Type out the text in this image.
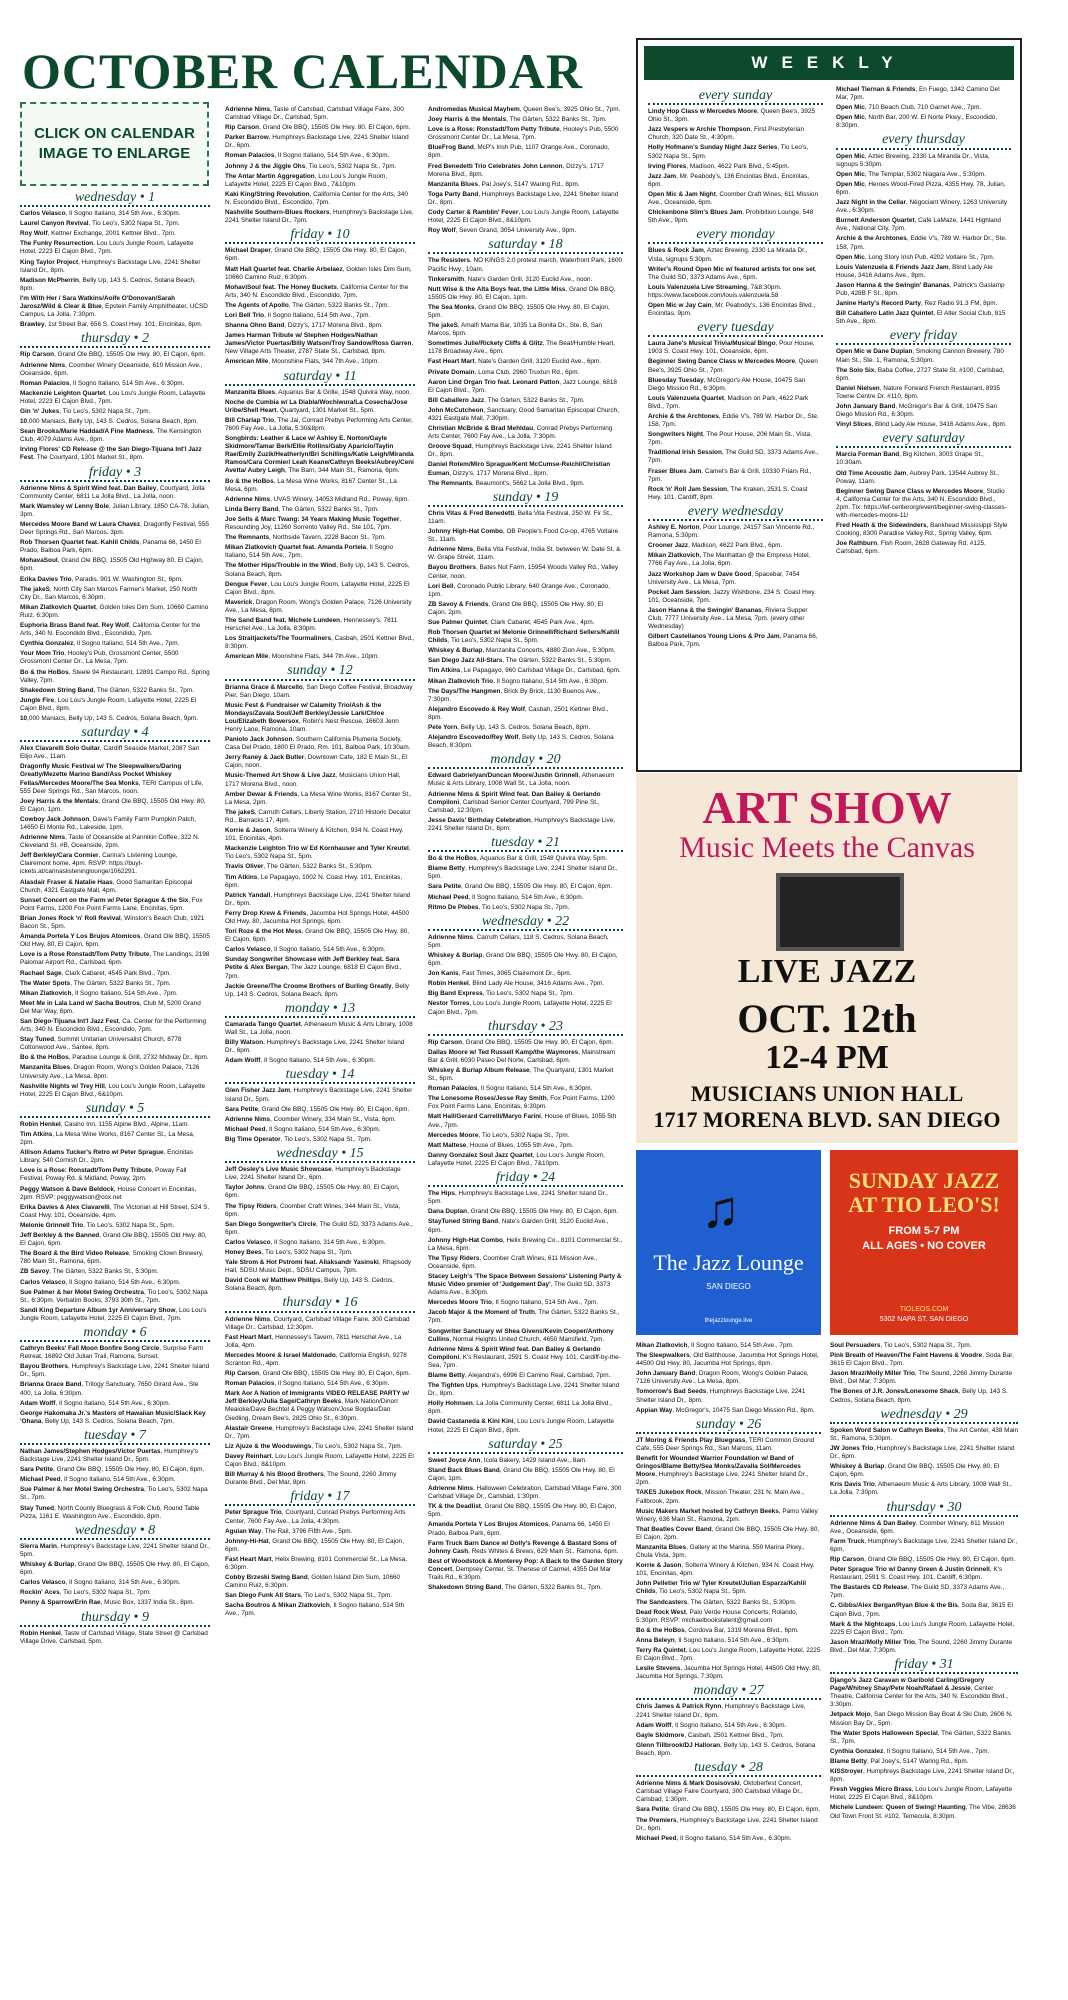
OCTOBER CALENDAR
CLICK ON CALENDAR IMAGE TO ENLARGE
WEEKLY
every sunday
Lindy Hop Class w Mercedes Moore, Queen Bee's, 3925 Ohio St., 3pm.
Jazz Vespers w Archie Thompson, First Presbyterian Church, 320 Date St., 4:30pm.
Holly Hofmann's Sunday Night Jazz Series, Tio Leo's, 5302 Napa St., 5pm.
Irving Flores, Madison, 4622 Park Blvd., 5:45pm.
Jazz Jam, Mr. Peabody's, 136 Encinitas Blvd., Encinitas, 6pm.
Open Mic & Jam Night, Coomber Craft Wines, 611 Mission Ave., Oceanside, 6pm.
Chickenbone Slim's Blues Jam, Prohibition Lounge, 548 5th Ave., 9pm.
every monday
Blues & Rock Jam, Aztec Brewing, 2330 La Mirada Dr., Vista, signups 5:30pm.
Writer's Round Open Mic w/ featured artists for one set, The Guild SD, 3373 Adams Ave., 6pm.
Louis Valenzuela Live Streaming, 7&8:30pm. https://www.facebook.com/louis.valenzuela.58
Open Mic w Jay Cain, Mr. Peabody's, 136 Encinitas Blvd., Encinitas, 9pm.
every tuesday
Laura Jane's Musical Trivia/Musical Bingo, Pour House, 1903 S. Coast Hwy. 101, Oceanside, 6pm.
Beginner Swing Dance Class w Mercedes Moore, Queen Bee's, 3925 Ohio St., 7pm.
Bluesday Tuesday, McGregor's Ale House, 10475 San Diego Mission Rd., 6:30pm.
Louis Valenzuela Quartet, Madison on Park, 4622 Park Blvd., 7pm.
Archie & the Archtones, Eddie V's, 789 W. Harbor Dr., Ste. 158, 7pm.
Songwriters Night, The Pour House, 206 Main St., Vista, 7pm.
Traditional Irish Session, The Guild SD, 3373 Adams Ave., 7pm.
Fraser Blues Jam, Camel's Bar & Grill, 10330 Friars Rd., 7pm.
Rock 'n' Roll Jam Session, The Kraken, 2531 S. Coast Hwy. 101, Cardiff, 8pm.
every wednesday
Ashley E. Norton, Pour Lounge, 24157 San Vincente Rd., Ramona, 5:30pm.
Crooner Jazz, Madison, 4622 Park Blvd., 6pm.
Mikan Zlatkovich, The Manhattan @ the Empress Hotel, 7766 Fay Ave., La Jolla, 6pm.
Jazz Workshop Jam w Dave Good, Spacebar, 7454 University Ave., La Mesa, 7pm.
Pocket Jam Session, Jazzy Wishbone, 234 S. Coast Hwy. 101, Oceanside, 7pm.
Jason Hanna & the Swingin' Bananas, Riviera Supper Club, 7777 University Ave., La Mesa, 7pm. (every other Wednesday)
Gilbert Castellanos Young Lions & Pro Jam, Panama 66, Balboa Park, 7pm.
Michael Tiernan & Friends, En Fuego, 1342 Camino Del Mar, 7pm.
Open Mic, 710 Beach Club, 710 Garnet Ave., 7pm.
Open Mic, North Bar, 200 W. El Norte Pkwy., Escondido, 8:30pm.
every thursday
Open Mic, Aztec Brewing, 2330 La Miranda Dr., Vista, signups 5:30pm.
Open Mic, The Templar, 5302 Niagara Ave., 5:30pm.
Open Mic, Heroes Wood-Fired Pizza, 4355 Hwy. 78, Julian, 6pm.
Jazz Night in the Cellar, Négociant Winery, 1263 University Ave., 6:30pm.
Burnett Anderson Quartet, Cafe LaMaze, 1441 Highland Ave., National City, 7pm.
Archie & the Archtones, Eddie V's, 789 W. Harbor Dr., Ste. 158, 7pm.
Open Mic, Long Story Irish Pub, 4202 Voltaire St., 7pm.
Louis Valenzuela & Friends Jazz Jam, Blind Lady Ale House, 3416 Adams Ave., 8pm.
Jason Hanna & the Swingin' Bananas, Patrick's Gaslamp Pub, 428B F St., 8pm.
Janine Harty's Record Party, Rez Radio 91.3 FM, 8pm.
Bill Caballero Latin Jazz Quintet, El Alter Social Club, 815 5th Ave., 8pm.
every friday
Open Mic w Dane Duplan, Smoking Cannon Brewery, 780 Main St., Ste. 1, Ramona, 5:30pm.
The Solo Six, Baba Coffee, 2727 State St. #100, Carlsbad, 6pm.
Daniel Nielsen, Nature Forward French Restaurant, 8935 Towne Centre Dr. #110, 6pm.
John January Band, McGregor's Bar & Grill, 10475 San Diego Mission Rd., 6:30pm.
Vinyl Slices, Blind Lady Ale House, 3416 Adams Ave., 8pm.
every saturday
Marcia Forman Band, Big Kitchen, 3003 Grape St., 10:30am.
Old Time Acoustic Jam, Aubrey Park, 13544 Aubrey St., Poway, 11am.
Beginner Swing Dance Class w Mercedes Moore, Studio 4, California Center for the Arts, 340 N. Escondido Blvd., 2pm. Tix: https://lef-centerorg/event/beginner-swing-classes-with-mercedes-moore-11/
Fred Heath & the Sidewinders, Bankhead Mississippi Style Cooking, 8300 Paradise Valley Rd., Spring Valley, 6pm.
Joe Rathburn, Fish Room, 2628 Gateway Rd. #125, Carlsbad, 6pm.
wednesday • 1
Carlos Velasco, Il Sogno Italiano, 314 5th Ave., 6:30pm.
Laurel Canyon Revival, Tio Leo's, 5302 Napa St., 7pm.
Roy Wolf, Kettner Exchange, 2001 Kettner Blvd., 7pm.
The Funky Resurrection, Lou Lou's Jungle Room, Lafayette Hotel, 2223 El Cajon Blvd., 7pm.
King Taylor Project, Humphrey's Backstage Live, 2241 Shelter Island Dr., 8pm.
Madison McPherrin, Belly Up, 143 S. Cedros, Solana Beach, 8pm.
I'm With Her / Sara Watkins/Aoife O'Donovan/Sarah Jarosz/Wild & Clear & Blue, Epstein Family Amphitheater, UCSD Campus, La Jolla, 7:30pm.
Brawley, 1st Street Bar, 656 S. Coast Hwy. 101, Encinitas, 8pm.
thursday • 2
Rip Carson, Grand Ole BBQ, 15505 Ole Hwy. 80, El Cajon, 6pm.
Adrienne Nims, Coomber Winery Oceanside, 610 Mission Ave., Oceanside, 6pm.
Roman Palacios, Il Sogno Italiano, 514 5th Ave., 6:30pm.
Mackenzie Leighton Quartet, Lou Lou's Jungle Room, Lafayette Hotel, 2223 El Cajon Blvd., 7pm.
Gin 'n' Jukes, Tio Leo's, 5302 Napa St., 7pm.
10,000 Maniacs, Belly Up, 143 S. Cedros, Solana Beach, 8pm.
Sean Brooks/Marie Haddad/A Fine Madness, The Kensington Club, 4079 Adams Ave., 8pm.
Irving Flores' CD Release @ the San Diego-Tijuana Int'l Jazz Fest, The Courtyard, 1301 Market St., 8pm.
friday • 3
Adrienne Nims & Spirit Wind feat. Dan Bailey, Courtyard, Jolla Community Center, 6811 La Jolla Blvd., La Jolla, noon.
Mark Wamsley w/ Lenny Bole, Julian Library, 1850 CA-78, Julian, 3pm.
Mercedes Moore Band w/ Laura Chavez, Dragonfly Festival, 555 Deer Springs Rd., San Marcos, 3pm.
Rob Thorsen Quartet feat. Kahlil Childs, Panama 66, 1450 El Prado, Balboa Park, 6pm.
MohavaSoul, Grand Ole BBQ, 15505 Old Highway 80, El Cajon, 6pm.
Erika Davies Trio, Paradis, 901 W. Washington St., 6pm.
The jakeS, North City San Marcos Farmer's Market, 250 North City Dr., San Marcos, 6:30pm.
Mikan Zlatkovich Quartet, Golden Isles Dim Sum, 10660 Camino Ruiz, 6:30pm.
Euphoria Brass Band feat. Rey Wolf, California Center for the Arts, 340 N. Escondido Blvd., Escondido, 7pm.
Cynthia Gonzalez, Il Sogno Italiano, 514 5th Ave., 7pm.
Your Mom Trio, Hooley's Pub, Grossmont Center, 5500 Grossmont Center Dr., La Mesa, 7pm.
Bo & the HoBos, Steele 94 Restaurant, 12891 Campo Rd., Spring Valley, 7pm.
Shakedown String Band, The Gärten, 5322 Banks St., 7pm.
Jungle Fire, Lou Lou's Jungle Room, Lafayette Hotel, 2225 El Cajon Blvd., 8pm.
10,000 Maniacs, Belly Up, 143 S. Cedros, Solana Beach, 9pm.
saturday • 4
Alex Ciavarelli Solo Guitar, Cardiff Seaside Market, 2087 San Elijo Ave., 11am.
Dragonfly Music Festival w/ The Sleepwalkers/Daring Greatly/Mezette Marino Band/Ass Pocket Whiskey Fellas/Mercedes Moore/The Sea Monks, TERI Campus of Life, 555 Deer Springs Rd., San Marcos, noon.
Joey Harris & the Mentals, Grand Ole BBQ, 15505 Old Hwy. 80, El Cajon, 1pm.
Cowboy Jack Johnson, Dave's Family Farm Pumpkin Patch, 14650 El Monte Rd., Lakeside, 1pm.
Adrienne Nims, Taste of Oceanside at Pannikin Coffee, 322 N. Cleveland St. #B, Oceanside, 2pm.
Jeff Berkley/Cara Cormier, Carina's Listening Lounge, Clairemont home, 4pm. RSVP: https://buyt-ickets.at/carinaslisteninglounge/1062291.
Alasdair Fraser & Natalie Haas, Good Samaritan Episcopal Church, 4321 Eastgate Mall, 4pm.
Sunset Concert on the Farm w/ Peter Sprague & the Six, Fox Point Farms, 1200 Fox Point Farms Lane, Encinitas, 5pm.
Brian Jones Rock 'n' Roll Revival, Winston's Beach Club, 1921 Bacon St., 5pm.
Amanda Portela Y Los Brujos Atomicos, Grand Ole BBQ, 15505 Old Hwy. 80, El Cajon, 6pm.
Love is a Rose Ronstadt/Tom Petty Tribute, The Landings, 2198 Palomar Airport Rd., Carlsbad, 6pm.
Rachael Sage, Clark Cabaret, 4545 Park Blvd., 7pm.
The Water Spots, The Gärten, 5322 Banks St., 7pm.
Mikan Zlatkovich, Il Sogno Italiano, 514 5th Ave., 7pm.
Meet Me in Lala Land w/ Sacha Boutros, Club M, 5200 Grand Del Mar Way, 8pm.
San Diego-Tijuana Int'l Jazz Fest, Ca. Center for the Performing Arts, 340 N. Escondido Blvd., Escondido, 7pm.
Stay Tuned, Summit Unitarian Universalist Church, 8778 Cottonwood Ave., Santee, 8pm.
Bo & the HoBos, Paradise Lounge & Grill, 2732 Midway Dr., 8pm.
Manzanita Blues, Dragon Room, Wong's Golden Palace, 7126 University Ave., La Mesa, 8pm.
Nashville Nights w/ Trey Hill, Lou Lou's Jungle Room, Lafayette Hotel, 2225 El Cajon Blvd., 6&10pm.
sunday • 5
Robin Henkel, Casino Inn, 1155 Alpine Blvd., Alpine, 11am.
Tim Atkins, La Mesa Wine Works, 8167 Center St., La Mesa, 2pm.
Allison Adams Tucker's Retro w/ Peter Sprague, Encinitas Library, 540 Cornish Dr., 2pm.
Love is a Rose: Ronstadt/Tom Petty Tribute, Poway Fall Festival, Poway Rd. & Midland, Poway, 2pm.
Peggy Watson & Dave Beldock, House Concert in Encinitas, 2pm. RSVP: peggywatson@cox.net
Erika Davies & Alex Ciavarelli, The Victorian at Hill Street, 524 S. Coast Hwy. 101, Oceanside, 4pm.
Melonie Grinnell Trio, Tio Leo's, 5302 Napa St., 5pm.
Jeff Berkley & the Banned, Grand Ole BBQ, 15505 Old Hwy. 80, El Cajon, 6pm.
The Board & the Bird Video Release, Smoking Clown Brewery, 780 Main St., Ramona, 6pm.
ZB Savoy, The Gärten, 5322 Banks St., 5:30pm.
Carlos Velasco, Il Sogno Italiano, 514 5th Ave., 6:30pm.
Sue Palmer & her Motel Swing Orchestra, Tio Leo's, 5302 Napa St., 6:30pm. Verbatim Books, 3793 30th St., 7pm.
Sandi King Departure Album 1yr Anniversary Show, Lou Lou's Jungle Room, Lafayette Hotel, 2225 El Cajon Blvd., 7pm.
monday • 6
Cathryn Beeks' Fall Moon Bonfire Song Circle, Surprise Farm Retreat, 16892 Old Julian Trail, Ramona, Sunset.
Bayou Brothers, Humphrey's Backstage Live, 2241 Shelter Island Dr., 5pm.
Brianna Grace Band, Trilogy Sanctuary, 7650 Girard Ave., Ste 400, La Jolla, 6:30pm.
Adam Wolff, Il Sogno Italiano, 514 5th Ave., 6:30pm.
George Hakomaka Jr.'s Masters of Hawaiian Music/Slack Key 'Ohana, Belly Up, 143 S. Cedros, Solana Beach, 7pm.
tuesday • 7
Nathan James/Stephen Hodges/Victor Puertas, Humphrey's Backstage Live, 2241 Shelter Island Dr., 5pm.
Sara Petite, Grand Ole BBQ, 15505 Ole Hwy. 80, El Cajon, 6pm.
Michael Peed, Il Sogno Italiano, 514 5th Ave., 6:30pm.
Sue Palmer & her Motel Swing Orchestra, Tio Leo's, 5302 Napa St., 7pm.
Stay Tuned, North County Bluegrass & Folk Club, Round Table Pizza, 1161 E. Washington Ave., Escondido, 8pm.
wednesday • 8
Sierra Marin, Humphrey's Backstage Live, 2241 Shelter Island Dr., 5pm.
Whiskey & Burlap, Grand Ole BBQ, 15505 Ole Hwy. 80, El Cajon, 6pm.
Carlos Velasco, Il Sogno Italiano, 314 5th Ave., 6:30pm.
Rockin' Aces, Tio Leo's, 5302 Napa St., 7pm.
Penny & Sparrow/Erin Rae, Music Box, 1337 India St., 8pm.
thursday • 9
Robin Henkel, Taste of Carlsbad Village, State Street @ Carlsbad Village Drive, Carlsbad, 5pm.
Adrienne Nims, Taste of Carlsbad, Carlsbad Village Faire, 300 Carlsbad Village Dr., Carlsbad, 5pm.
Rip Carson, Grand Ole BBQ, 15505 Ole Hwy. 80, El Cajon, 6pm.
Parker Barrow, Humphreys Backstage Live, 2241 Shelter Island Dr., 6pm.
Roman Palacios, Il Sogno Italiano, 514 5th Ave., 6:30pm.
Johnny J & the Jiggle Ohs, Tio Leo's, 5302 Napa St., 7pm.
The Antar Martin Aggregation, Lou Lou's Jungle Room, Lafayette Hotel, 2225 El Cajon Blvd., 7&10pm.
Kaki King/String Revolution, California Center for the Arts, 340 N. Escondido Blvd., Escondido, 7pm.
Nashville Southern-Blues Rockers, Humphrey's Backstage Live, 2241 Shelter Island Dr., 7pm.
friday • 10
Michael Draper, Grand Ole BBQ, 15505 Ole Hwy. 80, El Cajon, 6pm.
Matt Hall Quartet feat. Charlie Arbelaez, Golden Isles Dim Sum, 10660 Camino Ruiz, 6:30pm.
MohaviSoul feat. The Honey Buckets, California Center for the Arts, 340 N. Escondido Blvd., Escondido, 7pm.
The Agents of Apollo, The Gärten, 5322 Banks St., 7pm.
Lori Bell Trio, Il Sogno Italiano, 514 5th Ave., 7pm.
Shanna Ohno Band, Dizzy's, 1717 Morena Blvd., 8pm.
James Harman Tribute w/ Stephen Hodges/Nathan James/Victor Puertas/Billy Watson/Troy Sandow/Ross Garren, New Village Arts Theater, 2787 State St., Carlsbad, 8pm.
American Mile, Moonshine Flats, 344 7th Ave., 10pm.
saturday • 11
Manzanita Blues, Aquarius Bar & Grille, 1548 Quivira Way, noon.
Noche de Cumbia w/ La Diabla/Wochiwura/La Cosecha/Jose Uribe/Shell Heart, Quartyard, 1301 Market St., 5pm.
Bill Charlap Trio, The Jai, Conrad Prebys Performing Arts Center, 7600 Fay Ave., La Jolla, 5:30&8pm.
Songbirds: Leather & Lace w/ Ashley E. Norton/Gayle Skidmore/Tamar Berk/Ellie Rollins/Gaby Aparicio/Taylin Rae/Emily Zuzik/Heatherlyn/Bri Schillings/Katie Leigh/Miranda Ramos/Cara Cormier/ Leah Keane/Cathryn Beeks/Aubrey/Ceni Avetta/ Aubry Leigh, The Barn, 344 Main St., Ramona, 6pm.
Bo & the HoBos, La Mesa Wine Works, 8167 Center St., La Mesa, 6pm.
Adrienne Nims, UVAS Winery, 14053 Midland Rd., Poway, 6pm.
Linda Berry Band, The Gärten, 5322 Banks St., 7pm.
Joe Sells & Marc Twang: 34 Years Making Music Together, Resounding Joy, 11260 Sorrento Valley Rd., Ste 101, 7pm.
The Remnants, Northside Tavern, 2228 Bacon St., 7pm.
Mikan Zlatkovich Quartet feat. Amanda Portela, Il Sogno Italiano, 514 5th Ave., 7pm.
The Mother Hips/Trouble in the Wind, Belly Up, 143 S. Cedros, Solana Beach, 8pm.
Dengue Fever, Lou Lou's Jungle Room, Lafayette Hotel, 2225 El Cajon Blvd., 8pm.
Maverick, Dragon Room, Wong's Golden Palace, 7126 University Ave., La Mesa, 8pm.
The Sand Band feat. Michele Lundeen, Hennessey's, 7811 Herschel Ave., La Jolla, 8:30pm.
Los Straitjackets/The Tourmaliners, Casbah, 2501 Kettner Blvd., 8:30pm.
American Mile, Moonshine Flats, 344 7th Ave., 10pm.
sunday • 12
Brianna Grace & Marcello, San Diego Coffee Festival, Broadway Pier, San Diego, 10am.
Music Fest & Fundraiser w/ Calamity Trio/Ash & the Mondays/Zavala Soul/Jeff Berkley/Jessie Lark/Chloe Lou/Elizabeth Bowersox, Robin's Nest Rescue, 16603 Jenn Henry Lane, Ramona, 10am.
Paniolo Jack Johnson, Southern California Plumeria Society, Casa Del Prado, 1800 El Prado, Rm. 101, Balboa Park, 10:30am.
Jerry Raney & Jack Butler, Downtown Cafe, 182 E Main St., El Cajon, noon.
Music-Themed Art Show & Live Jazz, Musicians Union Hall, 1717 Morena Blvd., noon.
Amber Dewar & Friends, La Mesa Wine Works, 8167 Center St., La Mesa, 2pm.
The jakeS, Carruth Cellars, Liberty Station, 2710 Historic Decatur Rd., Barracks 17, 4pm.
Korrie & Jason, Solterra Winery & Kitchen, 934 N. Coast Hwy. 101, Encinitas, 4pm.
Mackenzie Leighton Trio w/ Ed Kornhauser and Tyler Kreutel, Tio Leo's, 5302 Napa St., 5pm.
Travis Oliver, The Gärten, 5322 Banks St., 5:30pm.
Tim Atkins, Le Papagayo, 1002 N. Coast Hwy. 101, Encinitas, 6pm.
Patrick Yandall, Humphreys Backstage Live, 2241 Shelter Island Dr., 6pm.
Ferry Drop Krew & Friends, Jacumba Hot Springs Hotel, 44500 Old Hwy. 80, Jacumba Hot Springs, 6pm.
Tori Roze & the Hot Mess, Grand Ole BBQ, 15505 Ole Hwy. 80, El Cajon, 6pm.
Carlos Velasco, Il Sogno Italiano, 514 5th Ave., 6:30pm.
Sunday Songwriter Showcase with Jeff Berkley feat. Sara Petite & Alex Bergan, The Jazz Lounge, 6818 El Cajon Blvd., 7pm.
Jackie Greene/The Croome Brothers of Burling Greatly, Belly Up, 143 S. Cedros, Solana Beach, 8pm.
monday • 13
Camarada Tango Quartet, Athenaeum Music & Arts Library, 1008 Wall St., La Jolla, noon.
Billy Watson, Humphrey's Backstage Live, 2241 Shelter Island Dr., 6pm.
Adam Wolff, Il Sogno Italiano, 514 5th Ave., 6:30pm.
tuesday • 14
Glen Fisher Jazz Jam, Humphrey's Backstage Live, 2241 Shelter Island Dr., 5pm.
Sara Petite, Grand Ole BBQ, 15505 Ole Hwy. 80, El Cajon, 6pm.
Adrienne Nims, Coomber Winery, 334 Main St., Vista, 6pm.
Michael Peed, Il Sogno Italiano, 514 5th Ave., 6:30pm.
Big Time Operator, Tio Leo's, 5302 Napa St., 7pm.
wednesday • 15
Jeff Oesley's Live Music Showcase, Humphrey's Backstage Live, 2241 Shelter Island Dr., 6pm.
Taylor Johns, Grand Ole BBQ, 15505 Ole Hwy. 80, El Cajon, 6pm.
The Tipsy Riders, Coomber Craft Wines, 344 Main St., Vista, 6pm.
San Diego Songwriter's Circle, The Guild SD, 3373 Adams Ave., 6pm.
Carlos Velasco, Il Sogno Italiano, 314 5th Ave., 6:30pm.
Honey Bees, Tio Leo's, 5302 Napa St., 7pm.
Yale Strom & Hot Pstromi feat. Aliaksandr Yasinski, Rhapsody Hall, SDSU Music Dept., SDSU Campus, 7pm.
David Cook w/ Matthew Phillips, Belly Up, 143 S. Cedros, Solana Beach, 8pm.
thursday • 16
Adrienne Nims, Courtyard, Carlsbad Village Faire, 300 Carlsbad Village Dr., Carlsbad, 12:30pm.
Fast Heart Mart, Hennessey's Tavern, 7811 Herschel Ave., La Jolla, 4pm.
Mercedes Moore & Israel Maldonado, California English, 9278 Scranton Rd., 4pm.
Rip Carson, Grand Ole BBQ, 15505 Ole Hwy. 80, El Cajon, 6pm.
Roman Palacios, Il Sogno Italiano, 514 5th Ave., 6:30pm.
Mark Aor A Nation of Immigrants VIDEO RELEASE PARTY w/ Jeff Berkley/Julia Sage/Cathryn Beeks, Mark Nation/Dinorr Meaioke/Dave Bechtel & Peggy Watson/Jose Bogdas/Dan Giedling, Dream Bee's, 2825 Ohio St., 6:30pm.
Alastair Greene, Humphrey's Backstage Live, 2241 Shelter Island Dr., 7pm.
Liz Ajuze & the Woodswings, Tio Leo's, 5302 Napa St., 7pm.
Davey Reinhart, Lou Lou's Jungle Room, Lafayette Hotel, 2225 El Cajon Blvd., 8&10pm.
Bill Murray & his Blood Brothers, The Sound, 2260 Jimmy Durante Blvd., Del Mar, 8pm.
friday • 17
Peter Sprague Trio, Courtyard, Conrad Prebys Performing Arts Center, 7600 Fay Ave., La Jolla, 4:30pm.
Aguian Way, The Rail, 3796 Fifth Ave., 5pm.
Johnny-Hi-Hat, Grand Ole BBQ, 15505 Ole Hwy. 80, El Cajon, 6pm.
Fast Heart Mart, Helix Brewing, 8101 Commercial St., La Mesa, 6:30pm.
Cobby Brzeski Swing Band, Golden Island Dim Sum, 10660 Camino Ruiz, 6:30pm.
San Diego Funk All Stars, Tio Leo's, 5302 Napa St., 7pm.
Sacha Boutros & Mikan Zlatkovich, Il Sogno Italiano, 514 5th Ave., 7pm.
Andromedas Musical Mayhem, Queen Bee's, 3925 Ohio St., 7pm.
Joey Harris & the Mentals, The Gärten, 5322 Banks St., 7pm.
Love is a Rose: Ronstadt/Tom Petty Tribute, Hooley's Pub, 5500 Grossmont Center Dr., La Mesa, 7pm.
BlueFrog Band, McP's Irish Pub, 1107 Orange Ave., Coronado, 8pm.
Fred Benedetti Trio Celebrates John Lennon, Dizzy's, 1717 Morena Blvd., 8pm.
Manzanita Blues, Pal Joey's, 5147 Waring Rd., 8pm.
Toga Party Band, Humphreys Backstage Live, 2241 Shelter Island Dr., 8pm.
Cody Carter & Ramblin' Fever, Lou Lou's Jungle Room, Lafayette Hotel, 2225 El Cajon Blvd., 8&10pm.
Roy Wolf, Seven Grand, 3054 University Ave., 9pm.
saturday • 18
The Resisters, NO KINGS 2.0 protest march, Waterfront Park, 1600 Pacific Hwy., 10am.
Tinkersmith, Nate's Garden Grill, 3120 Euclid Ave., noon.
Nutt Wise & the Alta Boys feat. the Little Miss, Grand Ole BBQ, 15505 Ole Hwy. 80, El Cajon, 1pm.
The Sea Monks, Grand Ole BBQ, 15505 Ole Hwy. 80, El Cajon, 5pm.
The jakeS, Amalfi Mama Bar, 1035 La Bonita Dr., Ste. B, San Marcos, 6pm.
Sometimes Julie/Rickety Cliffs & Glitz, The Beat/Humble Heart, 1178 Broadway Ave., 6pm.
Fast Heart Mart, Nate's Garden Grill, 3120 Euclid Ave., 6pm.
Private Domain, Loma Club, 2960 Truxtun Rd., 6pm.
Aaron Lind Organ Trio feat. Leonard Patton, Jazz Lounge, 6818 El Cajon Blvd., 7pm.
Bill Caballero Jazz, The Gärten, 5322 Banks St., 7pm.
John McCutcheon, Sanctuary, Good Samaritan Episcopal Church, 4321 Eastgate Mall, 7:30pm.
Christian McBride & Brad Mehldau, Conrad Prebys Performing Arts Center, 7600 Fay Ave., La Jolla, 7:30pm.
Groove Squad, Humphreys Backstage Live, 2241 Shelter Island Dr., 8pm.
Daniel Rotem/Miro Sprague/Kent McCumse-Reichl/Christian Euman, Dizzy's, 1717 Morena Blvd., 8pm.
The Remnants, Beaumont's, 5662 La Jolla Blvd., 9pm.
sunday • 19
Chris Vitas & Fred Benedetti, Bella Vita Festival, 250 W. Fir St., 11am.
Johnny High-Hat Combo, OB People's Food Co-op, 4765 Voltaire St., 11am.
Adrienne Nims, Bella Vita Festival, India St. between W. Date St. & W. Grape Street, 11am.
Bayou Brothers, Bates Nut Farm, 15954 Woods Valley Rd., Valley Center, noon.
Lori Bell, Coronado Public Library, 640 Orange Ave., Coronado, 1pm.
ZB Savoy & Friends, Grand Ole BBQ, 15505 Ole Hwy. 80, El Cajon, 2pm.
Sue Palmer Quintet, Clark Cabaret, 4545 Park Ave., 4pm.
Rob Thorsen Quartet w/ Melonie Grinnell/Richard Sellers/Kahlil Childs, Tio Leo's, 5302 Napa St., 5pm.
Whiskey & Burlap, Manzanita Concerts, 4880 Zion Ave., 5:30pm.
San Diego Jazz All-Stars, The Gärten, 5322 Banks St., 5:30pm.
Tim Atkins, Le Papagayo, 960 Carlsbad Village Dr., Carlsbad, 6pm.
Mikan Zlatkovich Trio, Il Sogno Italiano, 514 5th Ave., 6:30pm.
The Days/The Hangmen, Brick By Brick, 1130 Buenos Ave., 7:30pm.
Alejandro Escovedo & Rey Wolf, Casbah, 2501 Kettner Blvd., 8pm.
Pete Yorn, Belly Up, 143 S. Cedros, Solana Beach, 8pm.
Alejandro Escovedo/Rey Wolf, Belly Up, 143 S. Cedros, Solana Beach, 8:30pm.
monday • 20
Edward Gabrielyan/Duncan Moore/Justin Grinnell, Athenaeum Music & Arts Library, 1008 Wall St., La Jolla, noon.
Adrienne Nims & Spirit Wind feat. Dan Bailey & Gerlando Compiloni, Carlsbad Senior Center Courtyard, 799 Pine St., Carlsbad, 12:30pm.
Jesse Davis' Birthday Celebration, Humphrey's Backstage Live, 2241 Shelter Island Dr., 6pm.
tuesday • 21
Bo & the HoBos, Aquarius Bar & Grill, 1548 Quivira Way, 5pm.
Blame Betty, Humphrey's Backstage Live, 2241 Shelter Island Dr., 5pm.
Sara Petite, Grand Ole BBQ, 15505 Ole Hwy. 80, El Cajon, 6pm.
Michael Peed, Il Sogno Italiano, 514 5th Ave., 6:30pm.
Ritmo De Plebes, Tio Leo's, 5302 Napa St., 7pm.
wednesday • 22
Adrienne Nims, Carruth Cellars, 118 S. Cedros, Solana Beach, 5pm.
Whiskey & Burlap, Grand Ole BBQ, 15505 Ole Hwy. 80, El Cajon, 6pm.
Jon Kanis, Fast Times, 3065 Clairemont Dr., 6pm.
Robin Henkel, Blind Lady Ale House, 3416 Adams Ave., 7pm.
Big Band Express, Tio Leo's, 5302 Napa St., 7pm.
Nestor Torres, Lou Lou's Jungle Room, Lafayette Hotel, 2225 El Cajon Blvd., 7pm.
thursday • 23
Rip Carson, Grand Ole BBQ, 15505 Ole Hwy. 80, El Cajon, 6pm.
Dallas Moore w/ Ted Russell Kamp/the Waymores, Mainstream Bar & Grill, 6030 Paseo Del Norte, Carlsbad, 6pm.
Whiskey & Burlap Album Release, The Quartyard, 1301 Market St., 6pm.
Roman Palacios, Il Sogno Italiano, 514 5th Ave., 6:30pm.
The Lonesome Roses/Jesse Ray Smith, Fox Point Farms, 1200 Fox Point Farms Lane, Encinitas, 6:30pm.
Matt Hall/Gerard Carrelli/Maryo Farini, House of Blues, 1055 5th Ave., 7pm.
Mercedes Moore, Tio Leo's, 5302 Napa St., 7pm.
Matt Maltese, House of Blues, 1055 5th Ave., 7pm.
Danny Gonzalez Soul Jazz Quartet, Lou Lou's Jungle Room, Lafayette Hotel, 2225 El Cajon Blvd., 7&10pm.
friday • 24
The Hips, Humphrey's Backstage Live, 2241 Shelter Island Dr., 5pm.
Dana Duplan, Grand Ole BBQ, 15505 Ole Hwy. 80, El Cajon, 6pm.
StayTuned String Band, Nate's Garden Grill, 3120 Euclid Ave., 6pm.
Johnny High-Hat Combo, Helix Brewing Co., 8101 Commercial St., La Mesa, 6pm.
The Tipsy Riders, Coomber Craft Wines, 611 Mission Ave., Oceanside, 6pm.
Stacey Leigh's 'The Space Between Sessions' Listening Party & Music Video premier of 'Judgement Day', The Guild SD, 3373 Adams Ave., 6:30pm.
Mercedes Moore Trio, Il Sogno Italiano, 514 5th Ave., 7pm.
Jacob Major & the Moment of Truth, The Gärten, 5322 Banks St., 7pm.
Songwriter Sanctuary w/ Shea Givens/Kevin Cooper/Anthony Cullins, Normal Heights United Church, 4650 Mansfield, 7pm.
Adrienne Nims & Spirit Wind feat. Dan Bailey & Gerlando Compiloni, K's Restaurant, 2591 S. Coast Hwy. 101, Cardiff-by-the-Sea, 7pm.
Blame Betty, Alejandra's, 6996 El Camino Real, Carlsbad, 7pm.
The Tighten Ups, Humphrey's Backstage Live, 2241 Shelter Island Dr., 8pm.
Holly Hohnsen, La Jolla Community Center, 6811 La Jolla Blvd., 8pm.
David Castaneda & Kini Kini, Lou Lou's Jungle Room, Lafayette Hotel, 2225 El Cajon Blvd., 8pm.
saturday • 25
Sweet Joyce Ann, Icola Bakery, 1429 Island Ave., 8am.
Stand Back Blues Band, Grand Ole BBQ, 15505 Ole Hwy. 80, El Cajon, 1pm.
Adrienne Nims, Halloween Celebration, Carlsbad Village Faire, 300 Carlsbad Village Dr., Carlsbad, 1:30pm.
TK & the Deadlist, Grand Ole BBQ, 15505 Ole Hwy. 80, El Cajon, 5pm.
Amanda Portela Y Los Brujos Atomicos, Panama 66, 1450 El Prado, Balboa Park, 6pm.
Farm Truck Barn Dance w/ Dolly's Revenge & Bastard Sons of Johnny Cash, Reds Whites & Brews, 629 Main St., Ramona, 6pm.
Best of Woodstock & Monterey Pop: A Back to the Garden Story Concert, Dempsey Center, St. Therese of Carmel, 4355 Del Mar Trails Rd., 6:30pm.
Shakedown String Band, The Gärten, 5322 Banks St., 7pm.
ART SHOW
Music Meets the Canvas
LIVE JAZZ
OCT. 12th
12-4 PM
MUSICIANS UNION HALL
1717 MORENA BLVD. SAN DIEGO
♫
The Jazz Lounge
SAN DIEGO
thejazzlounge.live
SUNDAY JAZZ
AT TIO LEO'S!
FROM 5-7 PM
ALL AGES • NO COVER
TIOLEOS.COM
5302 NAPA ST. SAN DIEGO
Mikan Zlatkovich, Il Sogno Italiano, 514 5th Ave., 7pm.
The Sleepwalkers, Old Bathhouse, Jacumba Hot Springs Hotel, 44500 Old Hwy. 80, Jacumba Hot Springs, 8pm.
John January Band, Dragon Room, Wong's Golden Palace, 7126 University Ave., La Mesa, 8pm.
Tomorrow's Bad Seeds, Humphreys Backstage Live, 2241 Shelter Island Dr., 8pm.
Appian Way, McGregor's, 10475 San Diego Mission Rd., 8pm.
sunday • 26
JT Moring & Friends Play Bluegrass, TERI Common Ground Cafe, 555 Deer Springs Rd., San Marcos, 11am.
Benefit for Wounded Warrior Foundation w/ Band of Gringos/Blame Betty/Sea Monks/Zavalla Sol/Mercedes Moore, Humphrey's Backstage Live, 2241 Shelter Island Dr., 2pm.
TAKE5 Jukebox Rock, Mission Theater, 231 N. Main Ave., Fallbrook, 2pm.
Music Makers Market hosted by Cathryn Beeks, Pamo Valley Winery, 636 Main St., Ramona, 2pm.
That Beatles Cover Band, Grand Ole BBQ, 15505 Ole Hwy. 80, El Cajon, 2pm.
Manzanita Blues, Gallery at the Marina, 550 Marina Pkwy., Chula Vista, 3pm.
Korrie & Jason, Solterra Winery & Kitchen, 934 N. Coast Hwy. 101, Encinitas, 4pm.
John Pelletier Trio w/ Tyler Kreutel/Julian Esparza/Kahlil Childs, Tio Leo's, 5302 Napa St., 5pm.
The Sandcasters, The Gärten, 5322 Banks St., 5:30pm.
Dead Rock West, Palo Verde House Concerts, Rolando, 5:30pm. RSVP: michaelbookstalent@gmail.com
Bo & the HoBos, Cordova Bar, 1319 Morena Blvd., 6pm.
Anna Beleyn, Il Sogno Italiano, 514 5th Ave., 6:30pm.
Terry Ra Quintet, Lou Lou's Jungle Room, Lafayette Hotel, 2225 El Cajon Blvd., 7pm.
Leslie Stevens, Jacumba Hot Springs Hotel, 44500 Old Hwy. 80, Jacumba Hot Springs, 7:30pm.
monday • 27
Chris James & Patrick Rynn, Humphrey's Backstage Live, 2241 Shelter Island Dr., 6pm.
Adam Wolff, Il Sogno Italiano, 514 5th Ave., 6:30pm.
Gayle Skidmore, Casbah, 2501 Kettner Blvd., 7pm.
Glenn Tillbrook/DJ Halloran, Belly Up, 143 S. Cedros, Solana Beach, 8pm.
tuesday • 28
Adrienne Nims & Mark Dosisovski, Oktoberfest Concert, Carlsbad Village Faire Courtyard, 300 Carlsbad Village Dr., Carlsbad, 1:30pm.
Sara Petite, Grand Ole BBQ, 15505 Ole Hwy. 80, El Cajon, 6pm.
The Premiers, Humphrey's Backstage Live, 2241 Shelter Island Dr., 6pm.
Michael Peed, Il Sogno Italiano, 514 5th Ave., 6:30pm.
Soul Persuaders, Tio Leo's, 5302 Napa St., 7pm.
Pink Breath of Heaven/The Faint Havens & Voodre, Soda Bar, 3615 El Cajon Blvd., 7pm.
Jason Mraz/Molly Miller Trio, The Sound, 2260 Jimmy Durante Blvd., Del Mar, 7:30pm.
The Bones of J.R. Jones/Lonesome Shack, Belly Up, 143 S. Cedros, Solana Beach, 8pm.
wednesday • 29
Spoken Word Salon w Cathryn Beeks, The Art Center, 438 Main St., Ramona, 5:30pm.
JW Jones Trio, Humphrey's Backstage Live, 2241 Shelter Island Dr., 6pm.
Whiskey & Burlap, Grand Ole BBQ, 15505 Ole Hwy. 80, El Cajon, 6pm.
Kris Davis Trio, Athenaeum Music & Arts Library, 1008 Wall St., La Jolla, 7:30pm.
thursday • 30
Adrienne Nims & Dan Bailey, Coomber Winery, 611 Mission Ave., Oceanside, 6pm.
Farm Truck, Humphrey's Backstage Live, 2241 Shelter Island Dr., 6pm.
Rip Carson, Grand Ole BBQ, 15505 Ole Hwy. 80, El Cajon, 6pm.
Peter Sprague Trio w/ Danny Green & Justin Grinnell, K's Restaurant, 2591 S. Coast Hwy. 101, Cardiff, 6:30pm.
The Bastards CD Release, The Guild SD, 3373 Adams Ave., 7pm.
C. Gibbs/Alex Bergan/Ryan Blue & the Bis, Soda Bar, 3615 El Cajon Blvd., 7pm.
Mark & the Nightcaps, Lou Lou's Jungle Room, Lafayette Hotel, 2225 El Cajon Blvd., 7pm.
Jason Mraz/Molly Miller Trio, The Sound, 2260 Jimmy Durante Blvd., Del Mar, 7:30pm.
friday • 31
Django's Jazz Caravan w Garibold Carling/Gregory Page/Whitney Shay/Pete Noah/Rafael & Jessie, Center Theatre, California Center for the Arts, 340 N. Escondido Blvd., 3:30pm.
Jetpack Mojo, San Diego Mission Bay Boat & Ski Club, 2606 N. Mission Bay Dr., 5pm.
The Water Spots Halloween Special, The Gärten, 5322 Banks St., 7pm.
Cynthia Gonzalez, Il Sogno Italiano, 514 5th Ave., 7pm.
Blame Betty, Pal Joey's, 5147 Waring Rd., 8pm.
KISStroyer, Humphreys Backstage Live, 2241 Shelter Island Dr., 8pm.
Fresh Veggies Micro Brass, Lou Lou's Jungle Room, Lafayette Hotel, 2225 El Cajon Blvd., 8&10pm.
Michele Lundeen: Queen of Swing! Haunting, The Vibe, 28636 Old Town Front St. #102, Temecula, 8:30pm.
